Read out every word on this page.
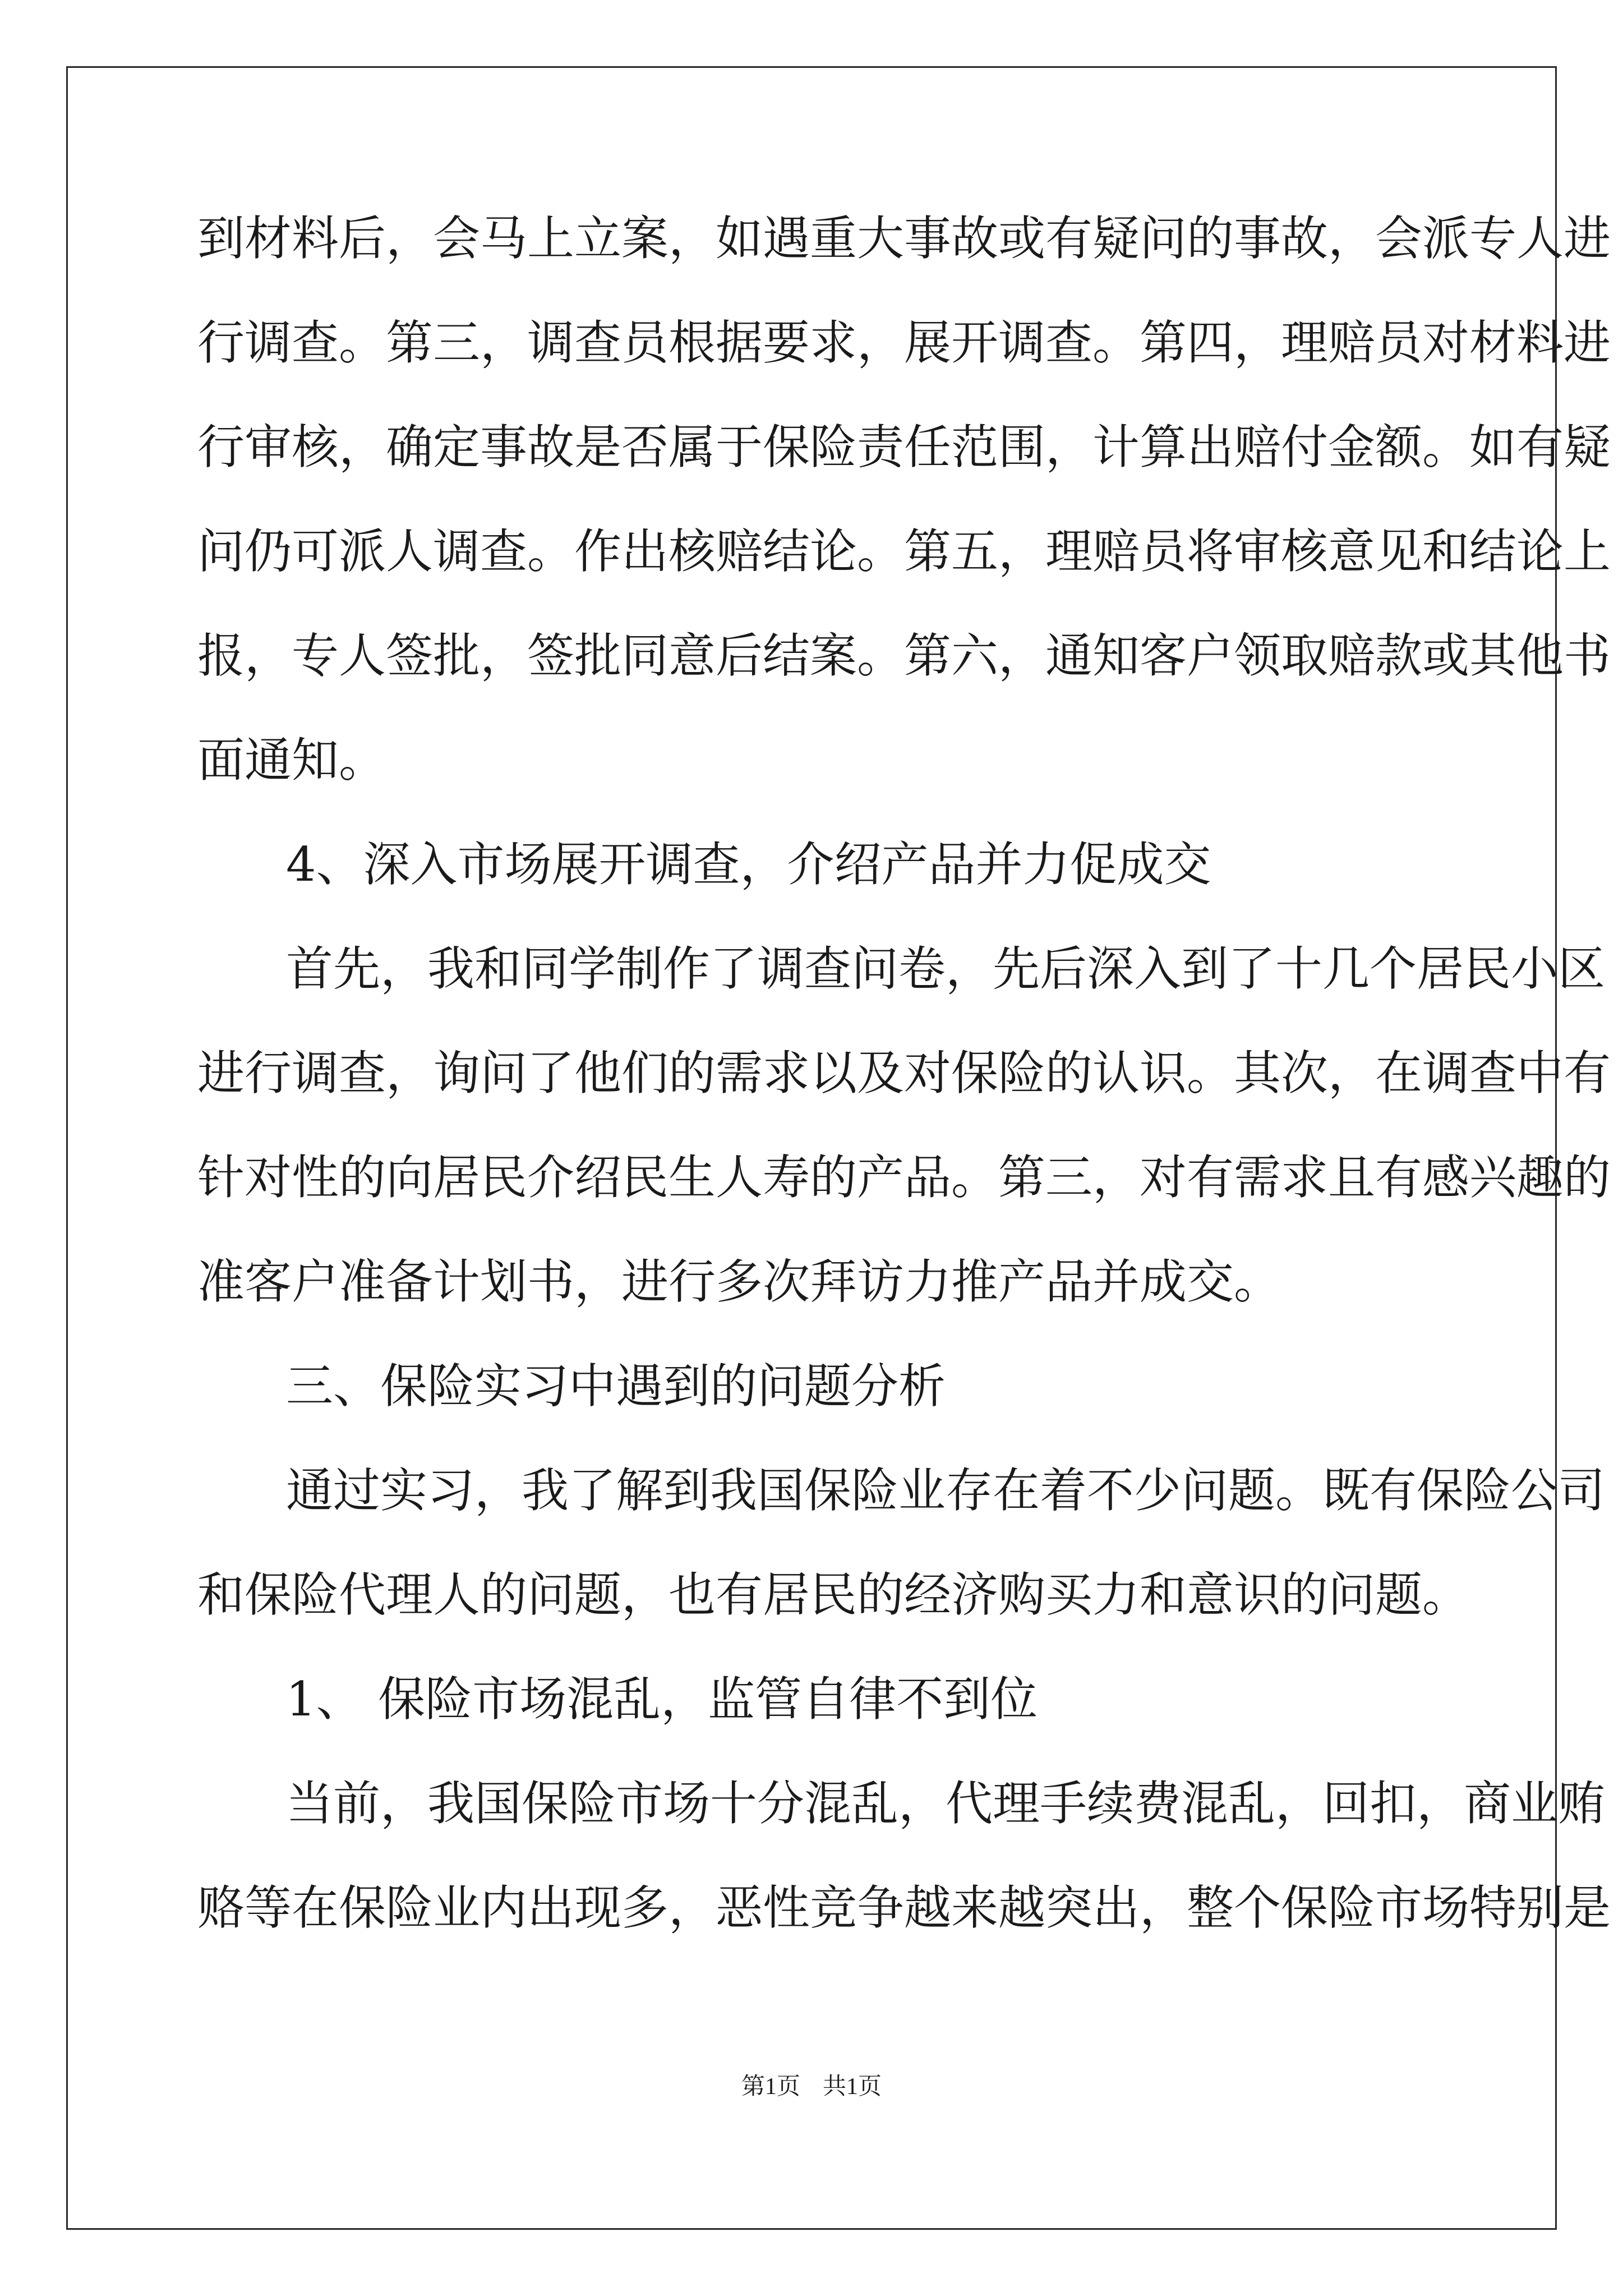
到材料后，会马上立案，如遇重大事故或有疑问的事故，会派专人进
行调查。第三，调查员根据要求，展开调查。第四，理赔员对材料进
行审核，确定事故是否属于保险责任范围，计算出赔付金额。如有疑
问仍可派人调查。作出核赔结论。第五，理赔员将审核意见和结论上
报，专人签批，签批同意后结案。第六，通知客户领取赔款或其他书
面通知。
4、深入市场展开调查，介绍产品并力促成交
首先，我和同学制作了调查问卷，先后深入到了十几个居民小区
进行调查，询问了他们的需求以及对保险的认识。其次，在调查中有
针对性的向居民介绍民生人寿的产品。第三，对有需求且有感兴趣的
准客户准备计划书，进行多次拜访力推产品并成交。
三、保险实习中遇到的问题分析
通过实习，我了解到我国保险业存在着不少问题。既有保险公司
和保险代理人的问题，也有居民的经济购买力和意识的问题。
1、 保险市场混乱，监管自律不到位
当前，我国保险市场十分混乱，代理手续费混乱，回扣，商业贿
赂等在保险业内出现多，恶性竞争越来越突出，整个保险市场特别是
第1页 共1页
